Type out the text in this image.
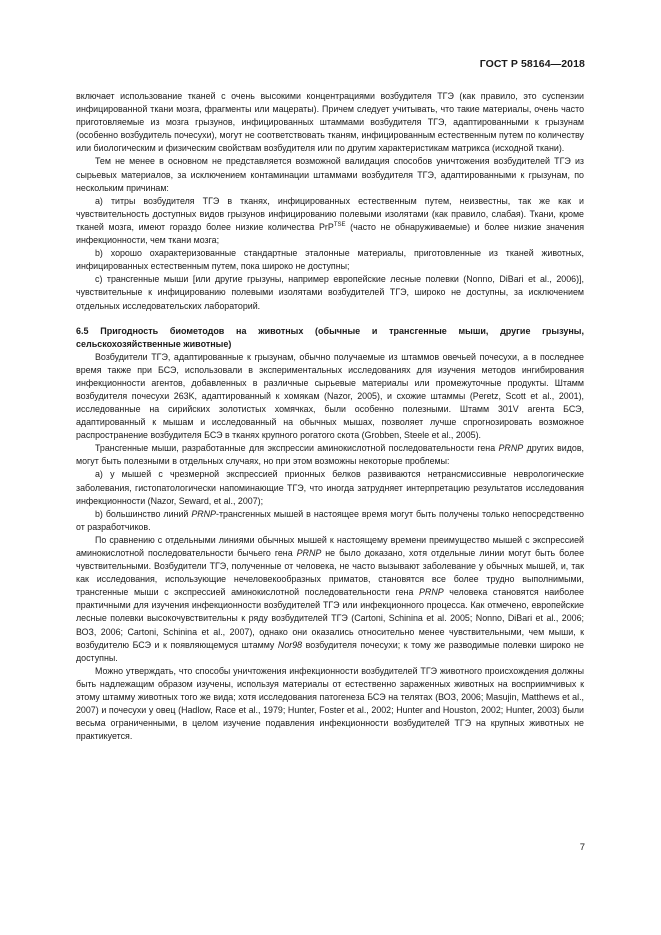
ГОСТ Р 58164—2018

включает использование тканей с очень высокими концентрациями возбудителя ТГЭ (как правило, это суспензии инфицированной ткани мозга, фрагменты или мацераты). Причем следует учитывать, что такие материалы, очень часто приготовляемые из мозга грызунов, инфицированных штаммами возбудителя ТГЭ, адаптированными к грызунам (особенно возбудитель почесухи), могут не соответствовать тканям, инфицированным естественным путем по количеству или биологическим и физическим свойствам возбудителя или по другим характеристикам матрикса (исходной ткани).

Тем не менее в основном не представляется возможной валидация способов уничтожения возбудителей ТГЭ из сырьевых материалов, за исключением контаминации штаммами возбудителя ТГЭ, адаптированными к грызунам, по нескольким причинам:

а) титры возбудителя ТГЭ в тканях, инфицированных естественным путем, неизвестны, так же как и чувствительность доступных видов грызунов инфицированию полевыми изолятами (как правило, слабая). Ткани, кроме тканей мозга, имеют гораздо более низкие количества PrP$^{TSE}$ (часто не обнаруживаемые) и более низкие значения инфекционности, чем ткани мозга;

b) хорошо охарактеризованные стандартные эталонные материалы, приготовленные из тканей животных, инфицированных естественным путем, пока широко не доступны;

c) трансгенные мыши [или другие грызуны, например европейские лесные полевки (Nonno, DiBari et al., 2006)], чувствительные к инфицированию полевыми изолятами возбудителей ТГЭ, широко не доступны, за исключением отдельных исследовательских лабораторий.

6.5 Пригодность биометодов на животных (обычные и трансгенные мыши, другие грызуны, сельскохозяйственные животные)

Возбудители ТГЭ, адаптированные к грызунам, обычно получаемые из штаммов овечьей почесухи, а в последнее время также при БСЭ, использовали в экспериментальных исследованиях для изучения методов ингибирования инфекционности агентов, добавленных в различные сырьевые материалы или промежуточные продукты. Штамм возбудителя почесухи 263K, адаптированный к хомякам (Nazor, 2005), и схожие штаммы (Peretz, Scott et al., 2001), исследованные на сирийских золотистых хомячках, были особенно полезными. Штамм 301V агента БСЭ, адаптированный к мышам и исследованный на обычных мышах, позволяет лучше спрогнозировать возможное распространение возбудителя БСЭ в тканях крупного рогатого скота (Grobben, Steele et al., 2005).

Трансгенные мыши, разработанные для экспрессии аминокислотной последовательности гена PRNP других видов, могут быть полезными в отдельных случаях, но при этом возможны некоторые проблемы:

а) у мышей с чрезмерной экспрессией прионных белков развиваются нетрансмиссивные неврологические заболевания, гистопатологически напоминающие ТГЭ, что иногда затрудняет интерпретацию результатов исследования инфекционности (Nazor, Seward, et al., 2007);

b) большинство линий PRNP-трансгенных мышей в настоящее время могут быть получены только непосредственно от разработчиков.

По сравнению с отдельными линиями обычных мышей к настоящему времени преимущество мышей с экспрессией аминокислотной последовательности бычьего гена PRNP не было доказано, хотя отдельные линии могут быть более чувствительными. Возбудители ТГЭ, полученные от человека, не часто вызывают заболевание у обычных мышей, и, так как исследования, использующие нечеловекообразных приматов, становятся все более трудно выполнимыми, трансгенные мыши с экспрессией аминокислотной последовательности гена PRNP человека становятся наиболее практичными для изучения инфекционности возбудителей ТГЭ или инфекционного процесса. Как отмечено, европейские лесные полевки высокочувствительны к ряду возбудителей ТГЭ (Cartoni, Schinina et al. 2005; Nonno, DiBari et al., 2006; ВОЗ, 2006; Cartoni, Schinina et al., 2007), однако они оказались относительно менее чувствительными, чем мыши, к возбудителю БСЭ и к появляющемуся штамму Nor98 возбудителя почесухи; к тому же разводимые полевки широко не доступны.

Можно утверждать, что способы уничтожения инфекционности возбудителей ТГЭ животного происхождения должны быть надлежащим образом изучены, используя материалы от естественно зараженных животных на восприимчивых к этому штамму животных того же вида; хотя исследования патогенеза БСЭ на телятах (ВОЗ, 2006; Masujin, Matthews et al., 2007) и почесухи у овец (Hadlow, Race et al., 1979; Hunter, Foster et al., 2002; Hunter and Houston, 2002; Hunter, 2003) были весьма ограниченными, в целом изучение подавления инфекционности возбудителей ТГЭ на крупных животных не практикуется.

7
